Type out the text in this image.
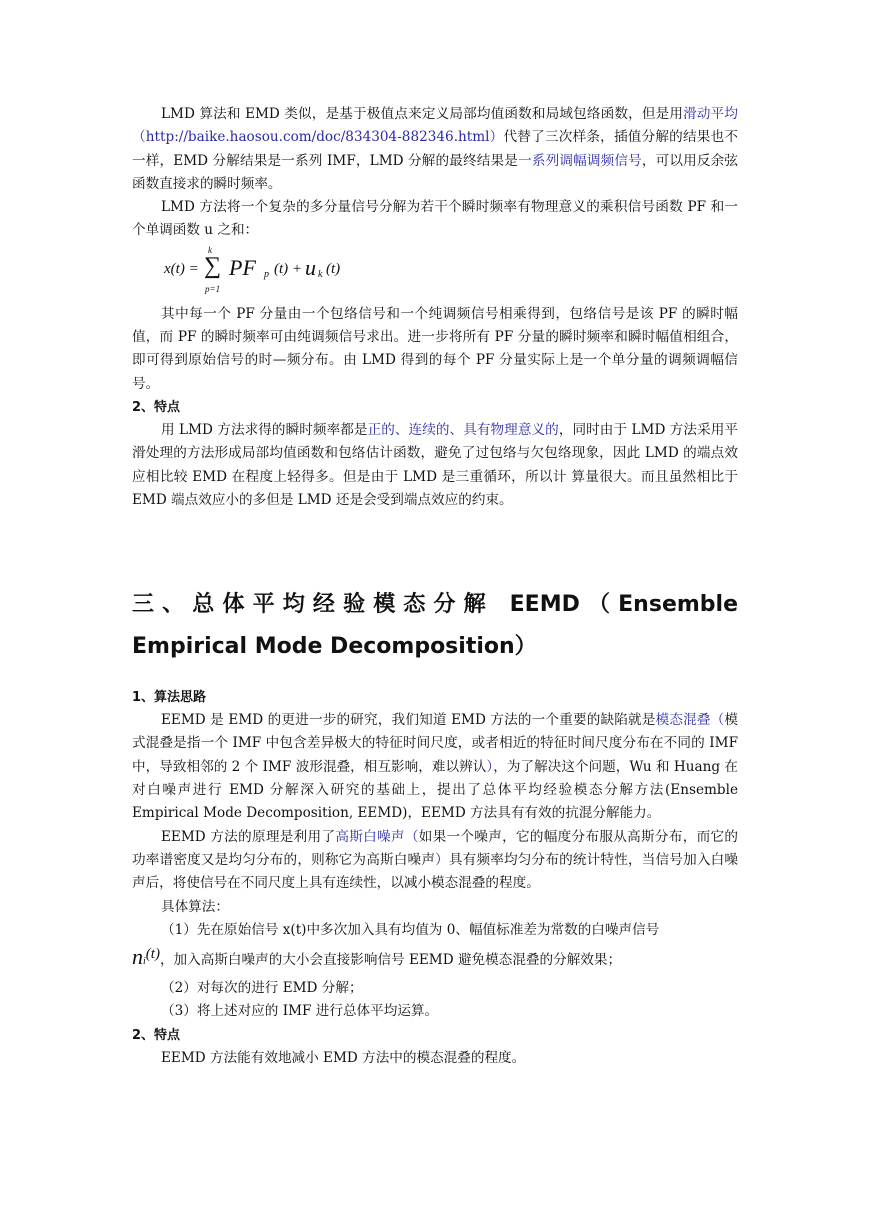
LMD 算法和 EMD 类似，是基于极值点来定义局部均值函数和局域包络函数，但是用滑动平均（http://baike.haosou.com/doc/834304-882346.html）代替了三次样条，插值分解的结果也不一样，EMD 分解结果是一系列 IMF，LMD 分解的最终结果是一系列调幅调频信号，可以用反余弦函数直接求的瞬时频率。

LMD 方法将一个复杂的多分量信号分解为若干个瞬时频率有物理意义的乘积信号函数 PF 和一个单调函数 u 之和：

x(t) =
k
∑
p=1
PF p (t) + u k (t)

其中每一个 PF 分量由一个包络信号和一个纯调频信号相乘得到，包络信号是该 PF 的瞬时幅值，而 PF 的瞬时频率可由纯调频信号求出。进一步将所有 PF 分量的瞬时频率和瞬时幅值相组合，即可得到原始信号的时—频分布。由 LMD 得到的每个 PF 分量实际上是一个单分量的调频调幅信号。

2、特点

用 LMD 方法求得的瞬时频率都是正的、连续的、具有物理意义的，同时由于 LMD 方法采用平滑处理的方法形成局部均值函数和包络估计函数，避免了过包络与欠包络现象，因此 LMD 的端点效应相比较 EMD 在程度上轻得多。但是由于 LMD 是三重循环，所以计 算量很大。而且虽然相比于 EMD 端点效应小的多但是 LMD 还是会受到端点效应的约束。

三、总体平均经验模态分解 EEMD（Ensemble Empirical Mode Decomposition）

1、算法思路

EEMD 是 EMD 的更进一步的研究，我们知道 EMD 方法的一个重要的缺陷就是模态混叠（模式混叠是指一个 IMF 中包含差异极大的特征时间尺度，或者相近的特征时间尺度分布在不同的 IMF 中，导致相邻的 2 个 IMF 波形混叠，相互影响，难以辨认），为了解决这个问题，Wu 和 Huang 在对白噪声进行 EMD 分解深入研究的基础上，提出了总体平均经验模态分解方法(Ensemble Empirical Mode Decomposition, EEMD)，EEMD 方法具有有效的抗混分解能力。

EEMD 方法的原理是利用了高斯白噪声（如果一个噪声，它的幅度分布服从高斯分布，而它的功率谱密度又是均匀分布的，则称它为高斯白噪声）具有频率均匀分布的统计特性，当信号加入白噪声后，将使信号在不同尺度上具有连续性，以减小模态混叠的程度。

具体算法：

（1）先在原始信号 x(t)中多次加入具有均值为 0、幅值标准差为常数的白噪声信号

ni(t)，加入高斯白噪声的大小会直接影响信号 EEMD 避免模态混叠的分解效果；

（2）对每次的进行 EMD 分解；

（3）将上述对应的 IMF 进行总体平均运算。

2、特点

EEMD 方法能有效地减小 EMD 方法中的模态混叠的程度。
